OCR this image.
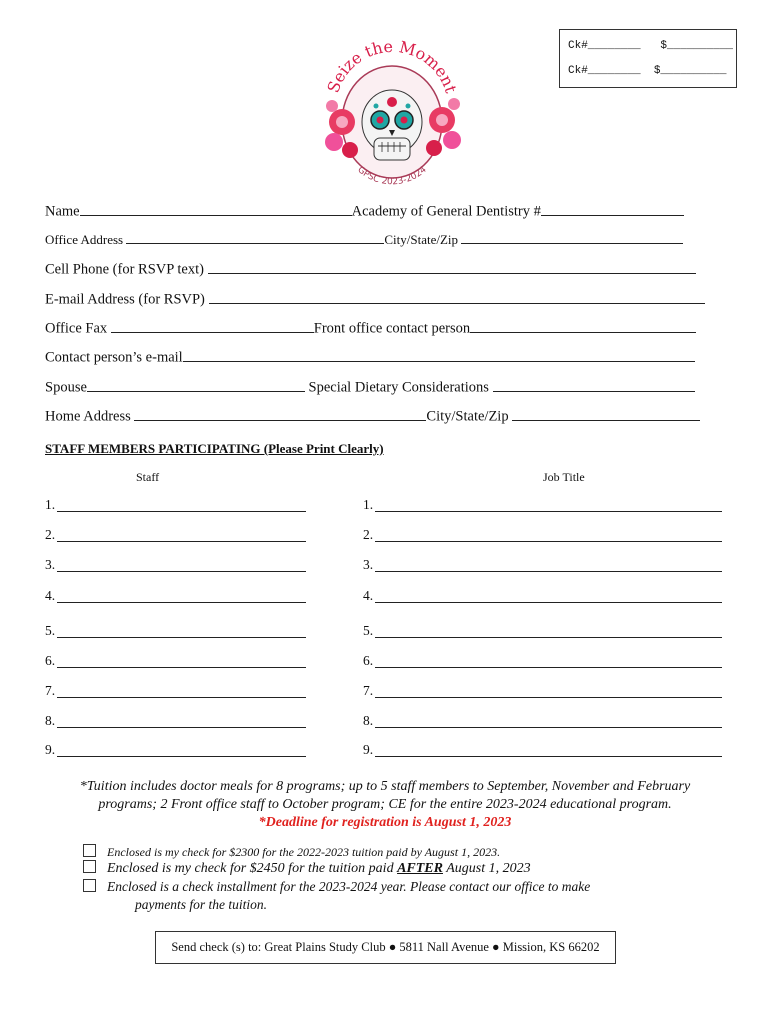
Ck#________   $__________
Ck#________  $__________
Seize the Moment
GPSC 2023-2024
Name	Academy of General Dentistry #
Office Address	City/State/Zip
Cell Phone (for RSVP text)
E-mail Address (for RSVP)
Office Fax	Front office contact person
Contact person’s e-mail
Spouse	Special Dietary Considerations
Home Address	City/State/Zip
STAFF MEMBERS PARTICIPATING (Please Print Clearly)
Staff	Job Title
1.	1.
2.	2.
3.	3.
4.	4.
5.	5.
6.	6.
7.	7.
8.	8.
9.	9.
*Tuition includes doctor meals for 8 programs; up to 5 staff members to September, November and February
programs; 2 Front office staff to October program; CE for the entire 2023-2024 educational program.
*Deadline for registration is August 1, 2023
Enclosed is my check for $2300 for the 2022-2023 tuition paid by August 1, 2023.
Enclosed is my check for $2450 for the tuition paid AFTER August 1, 2023
Enclosed is a check installment for the 2023-2024 year. Please contact our office to make
payments for the tuition.
Send check (s) to: Great Plains Study Club ● 5811 Nall Avenue ● Mission, KS 66202
